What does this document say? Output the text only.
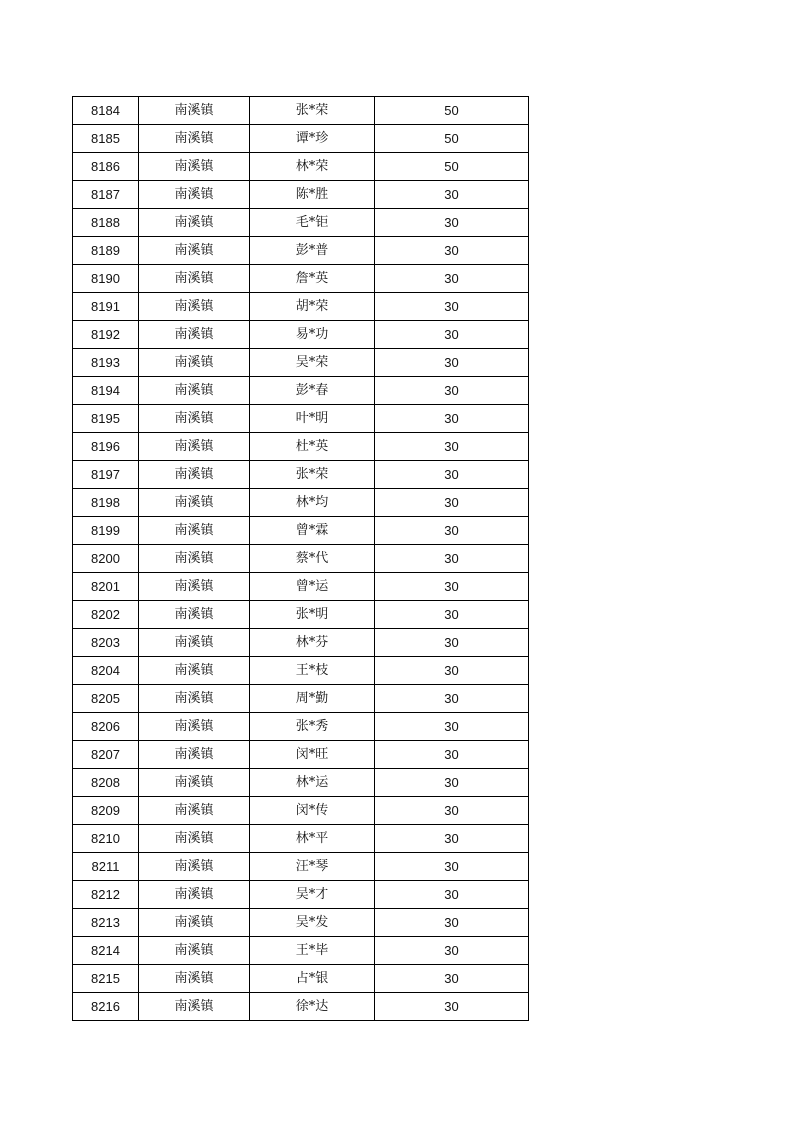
8184	南溪镇	张*荣	50
8185	南溪镇	谭*珍	50
8186	南溪镇	林*荣	50
8187	南溪镇	陈*胜	30
8188	南溪镇	毛*钜	30
8189	南溪镇	彭*普	30
8190	南溪镇	詹*英	30
8191	南溪镇	胡*荣	30
8192	南溪镇	易*功	30
8193	南溪镇	吴*荣	30
8194	南溪镇	彭*春	30
8195	南溪镇	叶*明	30
8196	南溪镇	杜*英	30
8197	南溪镇	张*荣	30
8198	南溪镇	林*均	30
8199	南溪镇	曾*霖	30
8200	南溪镇	蔡*代	30
8201	南溪镇	曾*运	30
8202	南溪镇	张*明	30
8203	南溪镇	林*芬	30
8204	南溪镇	王*枝	30
8205	南溪镇	周*勤	30
8206	南溪镇	张*秀	30
8207	南溪镇	闵*旺	30
8208	南溪镇	林*运	30
8209	南溪镇	闵*传	30
8210	南溪镇	林*平	30
8211	南溪镇	汪*琴	30
8212	南溪镇	吴*才	30
8213	南溪镇	吴*发	30
8214	南溪镇	王*毕	30
8215	南溪镇	占*银	30
8216	南溪镇	徐*达	30
